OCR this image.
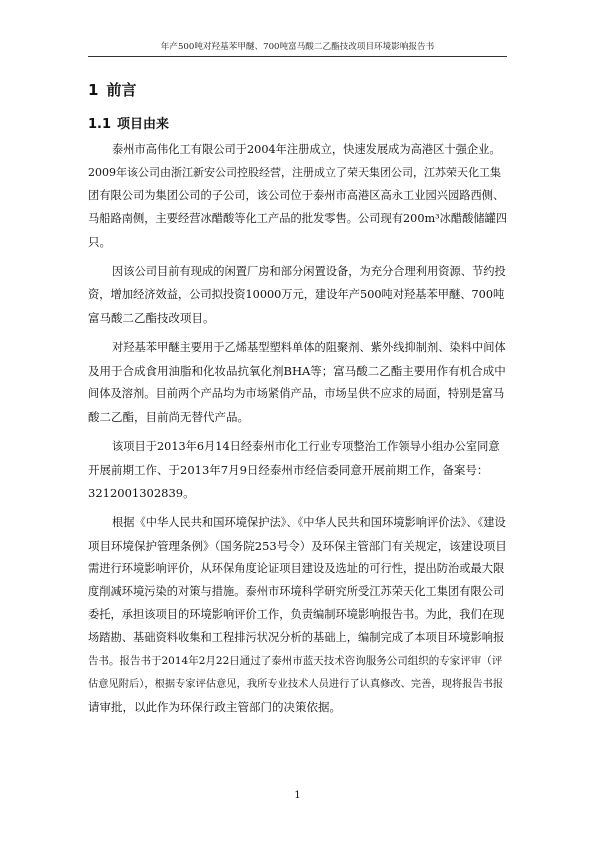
年产500吨对羟基苯甲醚、700吨富马酸二乙酯技改项目环境影响报告书
1 前言
1.1 项目由来
泰州市高伟化工有限公司于2004年注册成立，快速发展成为高港区十强企业。
2009年该公司由浙江新安公司控股经营，注册成立了荣天集团公司，江苏荣天化工集
团有限公司为集团公司的子公司，该公司位于泰州市高港区高永工业园兴园路西侧、
马船路南侧，主要经营冰醋酸等化工产品的批发零售。公司现有200m³冰醋酸储罐四
只。
因该公司目前有现成的闲置厂房和部分闲置设备，为充分合理利用资源、节约投
资，增加经济效益，公司拟投资10000万元，建设年产500吨对羟基苯甲醚、700吨
富马酸二乙酯技改项目。
对羟基苯甲醚主要用于乙烯基型塑料单体的阻聚剂、紫外线抑制剂、染料中间体
及用于合成食用油脂和化妆品抗氧化剂BHA等；富马酸二乙酯主要用作有机合成中
间体及溶剂。目前两个产品均为市场紧俏产品，市场呈供不应求的局面，特别是富马
酸二乙酯，目前尚无替代产品。
该项目于2013年6月14日经泰州市化工行业专项整治工作领导小组办公室同意
开展前期工作、于2013年7月9日经泰州市经信委同意开展前期工作，备案号：
3212001302839。
根据《中华人民共和国环境保护法》、《中华人民共和国环境影响评价法》、《建设
项目环境保护管理条例》（国务院253号令）及环保主管部门有关规定，该建设项目
需进行环境影响评价，从环保角度论证项目建设及选址的可行性，提出防治或最大限
度削减环境污染的对策与措施。泰州市环境科学研究所受江苏荣天化工集团有限公司
委托，承担该项目的环境影响评价工作，负责编制环境影响报告书。为此，我们在现
场踏勘、基础资料收集和工程排污状况分析的基础上，编制完成了本项目环境影响报
告书。报告书于2014年2月22日通过了泰州市蓝天技术咨询服务公司组织的专家评审（评
估意见附后），根据专家评估意见，我所专业技术人员进行了认真修改、完善，现将报告书报
请审批，以此作为环保行政主管部门的决策依据。
1
